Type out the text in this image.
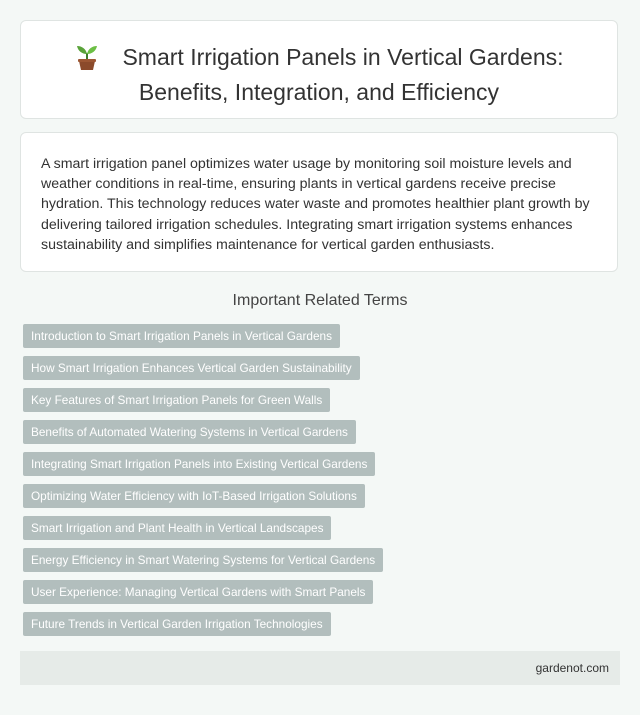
Smart Irrigation Panels in Vertical Gardens:
Benefits, Integration, and Efficiency

A smart irrigation panel optimizes water usage by monitoring soil moisture levels and weather conditions in real-time, ensuring plants in vertical gardens receive precise hydration. This technology reduces water waste and promotes healthier plant growth by delivering tailored irrigation schedules. Integrating smart irrigation systems enhances sustainability and simplifies maintenance for vertical garden enthusiasts.

Important Related Terms
Introduction to Smart Irrigation Panels in Vertical Gardens
How Smart Irrigation Enhances Vertical Garden Sustainability
Key Features of Smart Irrigation Panels for Green Walls
Benefits of Automated Watering Systems in Vertical Gardens
Integrating Smart Irrigation Panels into Existing Vertical Gardens
Optimizing Water Efficiency with IoT-Based Irrigation Solutions
Smart Irrigation and Plant Health in Vertical Landscapes
Energy Efficiency in Smart Watering Systems for Vertical Gardens
User Experience: Managing Vertical Gardens with Smart Panels
Future Trends in Vertical Garden Irrigation Technologies
gardenot.com
